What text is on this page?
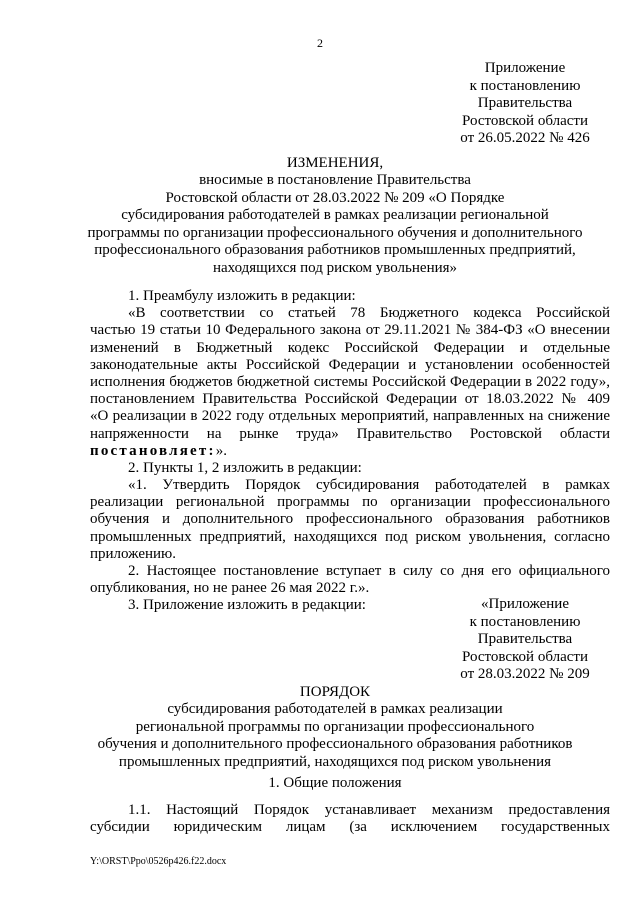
2
Приложение
к постановлению
Правительства
Ростовской области
от 26.05.2022 № 426
ИЗМЕНЕНИЯ,
вносимые в постановление Правительства
Ростовской области от 28.03.2022 № 209 «О Порядке
субсидирования работодателей в рамках реализации региональной
программы по организации профессионального обучения и дополнительного
профессионального образования работников промышленных предприятий,
находящихся под риском увольнения»
1. Преамбулу изложить в редакции:
«В соответствии со статьей 78 Бюджетного кодекса Российской
частью 19 статьи 10 Федерального закона от 29.11.2021 № 384-ФЗ «О внесении
изменений в Бюджетный кодекс Российской Федерации и отдельные
законодательные акты Российской Федерации и установлении особенностей
исполнения бюджетов бюджетной системы Российской Федерации в 2022 году»,
постановлением Правительства Российской Федерации от 18.03.2022 № 409
«О реализации в 2022 году отдельных мероприятий, направленных на снижение
напряженности на рынке труда» Правительство Ростовской области
постановляет:».
2. Пункты 1, 2 изложить в редакции:
«1. Утвердить Порядок субсидирования работодателей в рамках
реализации региональной программы по организации профессионального
обучения и дополнительного профессионального образования работников
промышленных предприятий, находящихся под риском увольнения, согласно
приложению.
2. Настоящее постановление вступает в силу со дня его официального
опубликования, но не ранее 26 мая 2022 г.».
3. Приложение изложить в редакции:	«Приложение
к постановлению
Правительства
Ростовской области
от 28.03.2022 № 209
ПОРЯДОК
субсидирования работодателей в рамках реализации
региональной программы по организации профессионального
обучения и дополнительного профессионального образования работников
промышленных предприятий, находящихся под риском увольнения
1. Общие положения
1.1. Настоящий Порядок устанавливает механизм предоставления
субсидии юридическим лицам (за исключением государственных
Y:\ORST\Ppo\0526p426.f22.docx
